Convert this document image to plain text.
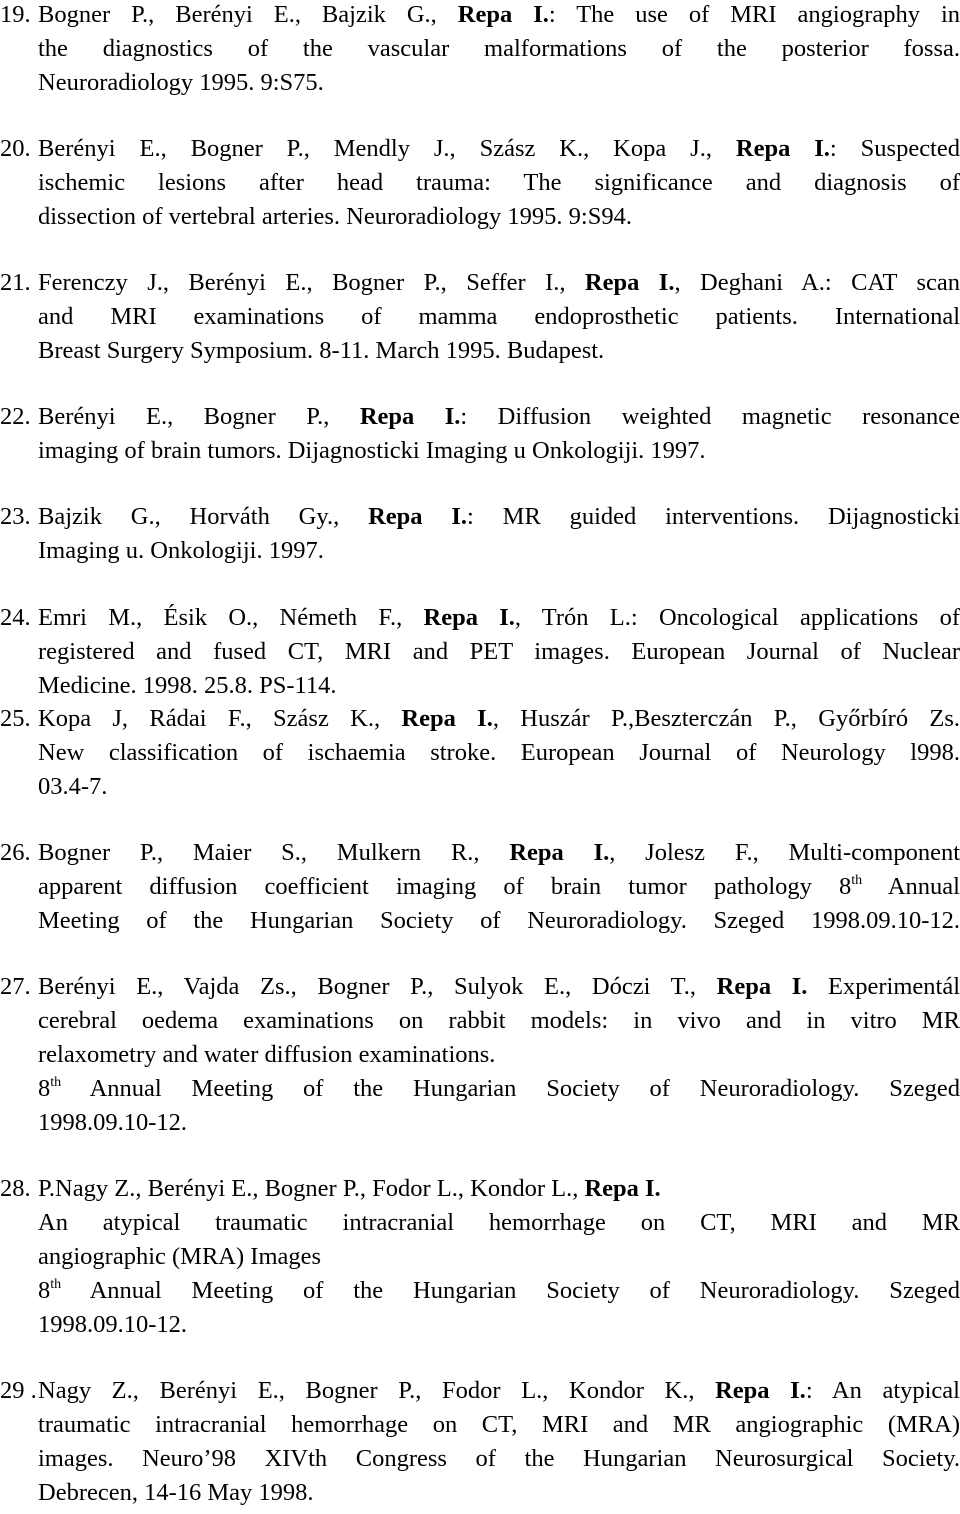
19. Bogner P., Berényi E., Bajzik G., Repa I.: The use of MRI angiography in
the diagnostics of the vascular malformations of the posterior fossa.
Neuroradiology 1995. 9:S75.
20. Berényi E., Bogner P., Mendly J., Szász K., Kopa J., Repa I.: Suspected
ischemic lesions after head trauma: The significance and diagnosis of
dissection of vertebral arteries. Neuroradiology 1995. 9:S94.
21. Ferenczy J., Berényi E., Bogner P., Seffer I., Repa I., Deghani A.: CAT scan
and MRI examinations of mamma endoprosthetic patients. International
Breast Surgery Symposium. 8-11. March 1995. Budapest.
22. Berényi E., Bogner P., Repa I.: Diffusion weighted magnetic resonance
imaging of brain tumors. Dijagnosticki Imaging u Onkologiji. 1997.
23. Bajzik G., Horváth Gy., Repa I.: MR guided interventions. Dijagnosticki
Imaging u. Onkologiji. 1997.
24. Emri M., Ésik O., Németh F., Repa I., Trón L.: Oncological applications of
registered and fused CT, MRI and PET images. European Journal of Nuclear
Medicine. 1998. 25.8. PS-114.
25. Kopa J, Rádai F., Szász K., Repa I., Huszár P.,Beszterczán P., Győrbíró Zs.
New classification of ischaemia stroke. European Journal of Neurology l998.
03.4-7.
26. Bogner P., Maier S., Mulkern R., Repa I., Jolesz F., Multi-component
apparent diffusion coefficient imaging of brain tumor pathology 8th Annual
Meeting of the Hungarian Society of Neuroradiology. Szeged 1998.09.10-12.
27. Berényi E., Vajda Zs., Bogner P., Sulyok E., Dóczi T., Repa I. Experimentál
cerebral oedema examinations on rabbit models: in vivo and in vitro MR
relaxometry and water diffusion examinations.
8th Annual Meeting of the Hungarian Society of Neuroradiology. Szeged
1998.09.10-12.
28. P.Nagy Z., Berényi E., Bogner P., Fodor L., Kondor L., Repa I.
An atypical traumatic intracranial hemorrhage on CT, MRI and MR
angiographic (MRA) Images
8th Annual Meeting of the Hungarian Society of Neuroradiology. Szeged
1998.09.10-12.
29 . Nagy Z., Berényi E., Bogner P., Fodor L., Kondor K., Repa I.: An atypical
traumatic intracranial hemorrhage on CT, MRI and MR angiographic (MRA)
images. Neuro’98 XIVth Congress of the Hungarian Neurosurgical Society.
Debrecen, 14-16 May 1998.
